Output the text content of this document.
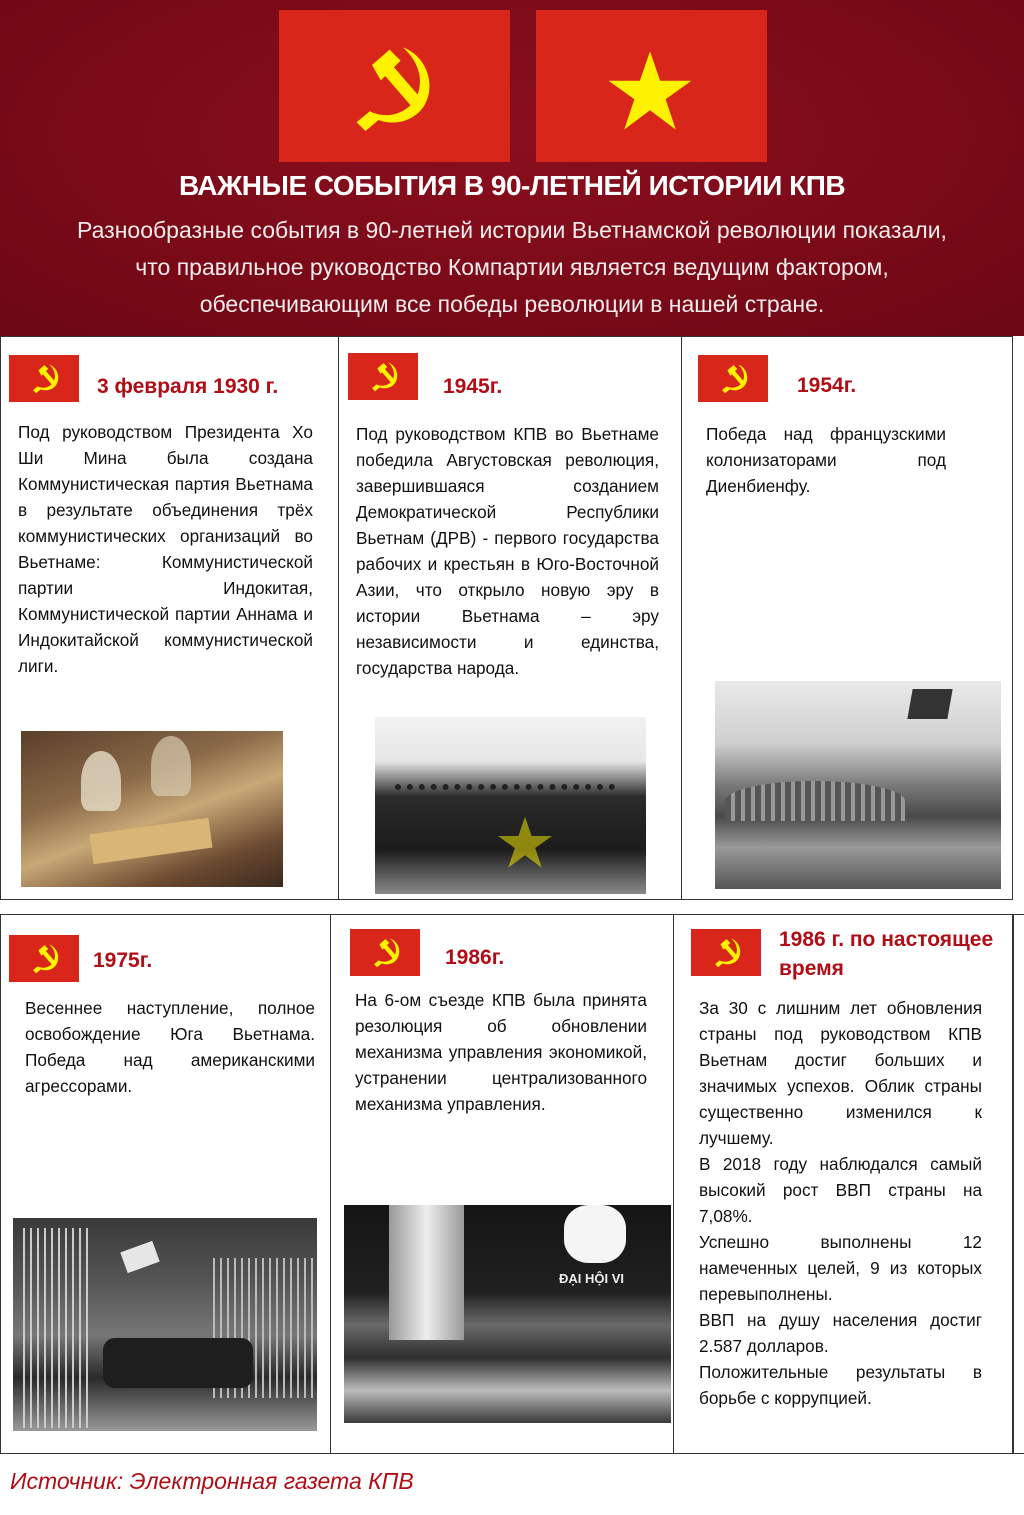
ВАЖНЫЕ СОБЫТИЯ В 90-ЛЕТНЕЙ ИСТОРИИ КПВ
Разнообразные события в 90-летней истории Вьетнамской революции показали, что правильное руководство Компартии является ведущим фактором, обеспечивающим все победы революции в нашей стране.
3 февраля 1930 г.

Под руководством Президента Хо Ши Мина была создана Коммунистическая партия Вьетнама в результате объединения трёх коммунистических организаций во Вьетнаме: Коммунистической партии Индокитая, Коммунистической партии Аннама и Индокитайской коммунистической лиги.

1945г.

Под руководством КПВ во Вьетнаме победила Августовская революция, завершившаяся созданием Демократической Республики Вьетнам (ДРВ) - первого государства рабочих и крестьян в Юго-Восточной Азии, что открыло новую эру в истории Вьетнама – эру независимости и единства, государства народа.

1954г.

Победа над французскими колонизаторами под Диенбиенфу.

1975г.

Весеннее наступление, полное освобождение Юга Вьетнама. Победа над американскими агрессорами.

1986г.

На 6-ом съезде КПВ была принята резолюция об обновлении механизма управления экономикой, устранении централизованного механизма управления.

ĐẠI HỘI VI
1986 г. по настоящее время

За 30 с лишним лет обновления страны под руководством КПВ Вьетнам достиг больших и значимых успехов. Облик страны существенно изменился к лучшему.

В 2018 году наблюдался самый высокий рост ВВП страны на 7,08%.

Успешно выполнены 12 намеченных целей, 9 из которых перевыполнены.

ВВП на душу населения достиг 2.587 долларов.

Положительные результаты в борьбе с коррупцией.

Источник: Электронная газета КПВ
